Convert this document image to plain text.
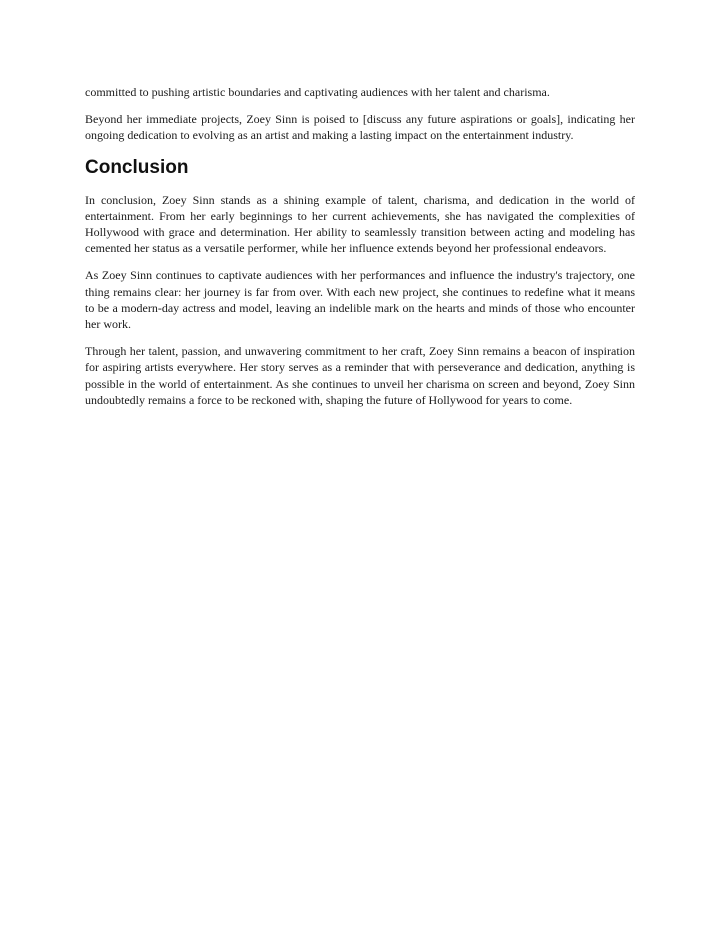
committed to pushing artistic boundaries and captivating audiences with her talent and charisma.

Beyond her immediate projects, Zoey Sinn is poised to [discuss any future aspirations or goals], indicating her ongoing dedication to evolving as an artist and making a lasting impact on the entertainment industry.

Conclusion

In conclusion, Zoey Sinn stands as a shining example of talent, charisma, and dedication in the world of entertainment. From her early beginnings to her current achievements, she has navigated the complexities of Hollywood with grace and determination. Her ability to seamlessly transition between acting and modeling has cemented her status as a versatile performer, while her influence extends beyond her professional endeavors.

As Zoey Sinn continues to captivate audiences with her performances and influence the industry's trajectory, one thing remains clear: her journey is far from over. With each new project, she continues to redefine what it means to be a modern-day actress and model, leaving an indelible mark on the hearts and minds of those who encounter her work.

Through her talent, passion, and unwavering commitment to her craft, Zoey Sinn remains a beacon of inspiration for aspiring artists everywhere. Her story serves as a reminder that with perseverance and dedication, anything is possible in the world of entertainment. As she continues to unveil her charisma on screen and beyond, Zoey Sinn undoubtedly remains a force to be reckoned with, shaping the future of Hollywood for years to come.
